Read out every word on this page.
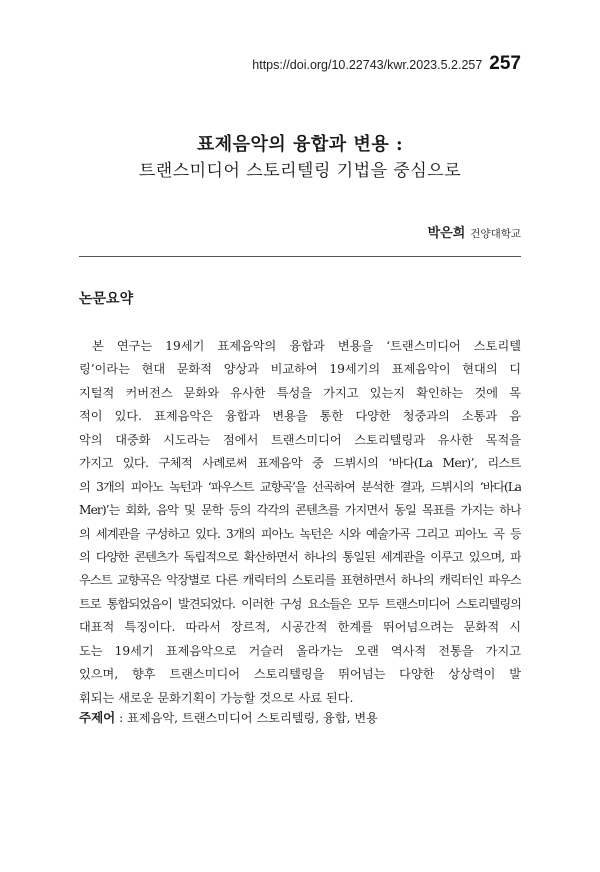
https://doi.org/10.22743/kwr.2023.5.2.257 257
표제음악의 융합과 변용 :
트랜스미디어 스토리텔링 기법을 중심으로
박은희 건양대학교
논문요약
본 연구는 19세기 표제음악의 융합과 변용을 ‘트랜스미디어 스토리텔
링’이라는 현대 문화적 양상과 비교하여 19세기의 표제음악이 현대의 디
지털적 커버전스 문화와 유사한 특성을 가지고 있는지 확인하는 것에 목
적이 있다. 표제음악은 융합과 변용을 통한 다양한 청중과의 소통과 음
악의 대중화 시도라는 점에서 트랜스미디어 스토리텔링과 유사한 목적을
가지고 있다. 구체적 사례로써 표제음악 중 드뷔시의 ‘바다(La Mer)’, 리스트
의 3개의 피아노 녹턴과 ‘파우스트 교향곡’을 선곡하여 분석한 결과, 드뷔시의 ‘바다(La
Mer)’는 회화, 음악 및 문학 등의 각각의 콘텐츠를 가지면서 동일 목표를 가지는 하나
의 세계관을 구성하고 있다. 3개의 피아노 녹턴은 시와 예술가곡 그리고 피아노 곡 등
의 다양한 콘텐츠가 독립적으로 확산하면서 하나의 통일된 세계관을 이루고 있으며, 파
우스트 교향곡은 악장별로 다른 캐릭터의 스토리를 표현하면서 하나의 캐릭터인 파우스
트로 통합되었음이 발견되었다. 이러한 구성 요소들은 모두 트랜스미디어 스토리텔링의
대표적 특징이다. 따라서 장르적, 시공간적 한계를 뛰어넘으려는 문화적 시
도는 19세기 표제음악으로 거슬러 올라가는 오랜 역사적 전통을 가지고
있으며, 향후 트랜스미디어 스토리텔링을 뛰어넘는 다양한 상상력이 발
휘되는 새로운 문화기획이 가능할 것으로 사료 된다.
주제어 : 표제음악, 트랜스미디어 스토리텔링, 융합, 변용
